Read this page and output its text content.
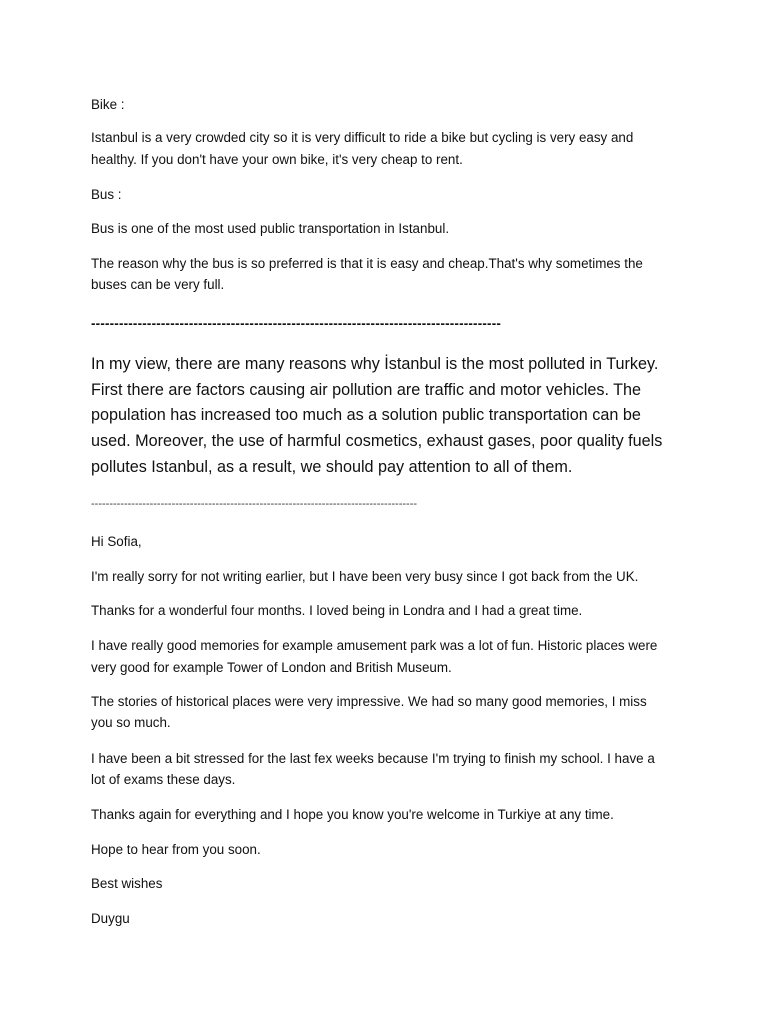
Bike :

Istanbul is a very crowded city so it is very difficult to ride a bike but cycling is very easy and

healthy. If you don't have your own bike, it's very cheap to rent.

Bus :

Bus is one of the most used public transportation in Istanbul.

The reason why the bus is so preferred is that it is easy and cheap.That's why sometimes the

buses can be very full.

----------------------------------------------------------------------------------------

In my view, there are many reasons why İstanbul is the most polluted in Turkey.

First there are factors causing air pollution are traffic and motor vehicles. The

population has increased too much as a solution public transportation can be

used. Moreover, the use of harmful cosmetics, exhaust gases, poor quality fuels

pollutes Istanbul, as a result, we should pay attention to all of them.

-----------------------------------------------------------------------------------------

Hi Sofia,

I'm really sorry for not writing earlier, but I have been very busy since I got back from the UK.

Thanks for a wonderful four months. I loved being in Londra and I had a great time.

I have really good memories for example amusement park was a lot of fun. Historic places were

very good for example Tower of London and British Museum.

The stories of historical places were very impressive. We had so many good memories, I miss

you so much.

I have been a bit stressed for the last fex weeks because I'm trying to finish my school. I have a

lot of exams these days.

Thanks again for everything and I hope you know you're welcome in Turkiye at any time.

Hope to hear from you soon.

Best wishes

Duygu
